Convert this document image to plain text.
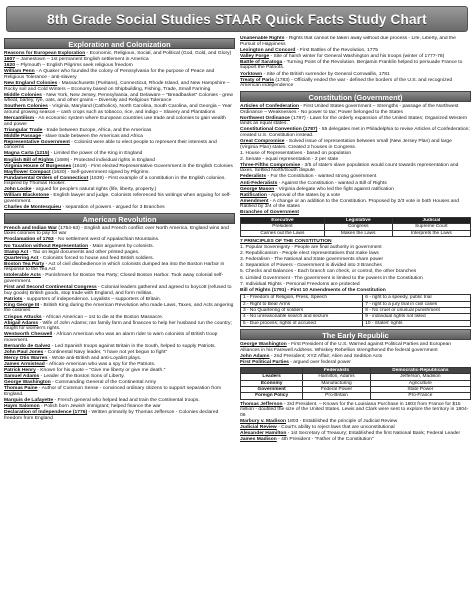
8th Grade Social Studies STAAR Quick Facts Study Chart
Exploration and Colonization
Reasons for European Exploration - Economic, Religious, Social, and Political (God, Gold, and Glory)
1607 – Jamestown – 1st permanent English settlement in America
1620 – Plymouth – English Pilgrims seek religious freedom
William Penn - A Quaker who founded the colony of Pennsylvania for the purpose of Peace and Religious Tolerance - anti-slavery
New England Colonies - Massachusetts (Puritans), Connecticut, Rhode Island, and New Hampshire – Rocky soil and Cold Winters – Economy based on Shipbuilding, Fishing, Trade, Small Farming
Middle Colonies - New York, New Jersey, Pennsylvania, and Delaware – "Breadbasket" Colonies - grew wheat, barley, rye, oats, and other grains – Diversity and Religious Tolerance
Southern Colonies - Virginia, Maryland (Catholics), North Carolina, South Carolina, and Georgia – Year around growing season – cash crops such as tobacco, rice, and indigo – Slavery and Plantations
Mercantilism - An economic system where European countries use trade and colonies to gain wealth and power
Triangular Trade - trade between Europe, Africa, and the Americas
Middle Passage - slave trade between the Americas and Africa
Representative Government - Colonist were able to elect people to represent their interests and concerns
Magna Carta (1215) - Limited the power of the King in England
English Bill of Rights (1689) - Protected individual rights in England
Virginia House of Burgesses (1619) - First elected Representative Government in the English Colonies
Mayflower Compact (1620) - Self-government signed by Pilgrims.
Fundamental Orders of Connecticut (1639) - First example of a constitution in the English colonies. Inspired by Thomas Hooker.
John Locke - argued for people's natural rights (life, liberty, property.)
William Blackstone - English lawyer and judge. Colonists referenced his writings when arguing for self-government.
Charles de Montesquieu - separation of powers - argued for 3 Branches
American Revolution
French and Indian War (1754-63) - English and French conflict over North America. England wins and taxes colonies to pay for war
Proclamation of 1763 - No settlement west of Appalachian Mountains.
No Taxation without Representation - Main argument by colonists.
Stamp Act - Tax on legal documents and other printed pages.
Quartering Act - Colonists forced to house and feed British soldiers.
Boston Tea Party - Act of civil disobedience in which colonists dumped tea into the Boston Harbor in response to the Tea Act
Intolerable Acts - Punishment for Boston Tea Party; Closed Boston Harbor. Took away colonial self-government.
First and Second Continental Congress - Colonial leaders gathered and agreed to boycott (refused to buy goods) British goods, stop trade with England, and form militias.
Patriots - supporters of independence. Loyalists – supporters of Britain.
King George III - British King during the American Revolution who made Laws, Taxes, and Acts angering the colonies
Crispus Attucks - African American – 1st to die at the Boston Massacre.
Abigail Adams - Wife of John Adams; ran family farm and finances to help her husband run the country; fought for women's rights.
Wentworth Cheswell - African American who was an alarm rider to warn colonists of British troop movement.
Bernardo de Galvez - Led Spanish troops against Britain in the South, helped to supply Patriots.
John Paul Jones - Continental Navy leader, "I have not yet begun to fight"
Mercy Otis Warren - Wrote anti-British and anti-Loyalist plays.
James Armistead - African-American who was a spy for the Patriots.
Patrick Henry - Known for his quote – "Give me liberty or give me death."
Samuel Adams - Leader of the Boston Sons of Liberty.
George Washington - Commanding General of the Continental Army
Thomas Paine - Author of Common Sense - convinced ordinary citizens to support separation from England.
Marquis de Lafayette - French general who helped lead and train the Continental troops.
Haym Salomon - Polish born Jewish immigrant; helped finance the war
Declaration of Independence (1776) - Written primarily by Thomas Jefferson - Colonies declared freedom from England
Unalienable Rights - Rights that cannot be taken away without due process - Life, Liberty, and the Pursuit of Happiness
Lexington and Concord - First Battles of the Revolution, 1775
Valley Forge - Site of harsh winter for General Washington and his troops (winter of 1777-78)
Battle of Saratoga - Turning Point of the Revolution. Benjamin Franklin helped to persuade France to support the Patriots.
Yorktown - Site of the British surrender by General Cornwallis, 1781
Treaty of Paris (1783) - Officially ended the war - defined the borders of the U.S. and recognized American independence
Constitution (Government)
Articles of Confederation - First United States government – Strengths - passage of the Northwest Ordinance – Weaknesses - No power to tax; Power belonged to the States
Northwest Ordinance (1787) - Laws for the orderly expansion of the United States; Organized Western lands as equal states.
Constitutional Convention (1787) - 55 delegates met in Philadelphia to revise Articles of Confederation; created U.S. Constitution instead.
Great Compromise - Solved issue of representation between small (New Jersey Plan) and large (Virginia Plan) states. Created 2 houses in Congress.
1. House of Representatives - based on population
2. Senate - equal representation - 2 per state
Three-Fifths Compromise - 3/5 of state's slave population would count towards representation and taxes. Settled North/South dispute
Federalists - For the Constitution - wanted strong government
Anti-Federalists - Against the Constitution - wanted a Bill of Rights
George Mason - Virginia delegate who led the fight against ratification
Ratification - Approval of the states by a vote
Amendment - A change or an addition to the Constitution. Proposed by 2/3 vote in both Houses and Ratified by 3/4 of the states
Branches of Government
Executive	Legislative	Judicial
President	Congress	Supreme Court
Carries out the Laws	Makes the Laws	Interprets the Laws
7 PRINCIPLES OF THE CONSTITUTION
1. Popular Sovereignty - People are final authority in government
2. Republicanism - People elect representatives that make laws
3. Federalism - The National and State governments share power
4. Separation of Powers - Government is divided into 3 Branches
5. Checks and Balances - Each branch can check, or control, the other branches
6. Limited Government - The government is limited to the powers in the Constitution
7. Individual Rights - Personal Freedoms are protected
Bill of Rights (1791) - First 10 Amendments of the Constitution
1 - Freedom of Religion, Press, Speech	6 - right to a speedy, public trial
2 - Right to Bear Arms	7 - right to a jury trial in civil cases
3 - No Quartering of soldiers	8 - No cruel or unusual punishment
4 - No unreasonable search and seizure	9 - individual rights not listed
5 - Due process; rights of accused	10 - States' rights
The Early Republic
George Washington - First President of the U.S. Warned against Political Parties and European Alliances in his Farewell Address. Whiskey Rebellion strengthened the federal government
John Adams - 2nd President; XYZ Affair; Alien and Sedition Acts
First Political Parties - argued over federal power
	Federalists	Democratic-Republicans
Leaders	Hamilton, Adams	Jefferson, Madison
Economy	Manufacturing	Agriculture
Government	Federal Power	State Power
Foreign Policy	Pro-Britain	Pro-France
Thomas Jefferson - 3rd President. – Known for the Louisiana Purchase in 1803 from France for $15 million - doubled the size of the United States. Lewis and Clark were sent to explore the territory in 1804-06
Marbury v. Madison 1803 - Established the principle of Judicial Review
Judicial Review - Court's ability to reject laws that are unconstitutional
Alexander Hamilton - 1st Secretary of Treasury; Established the first National Bank; Federal Leader
James Madison - 4th President - "Father of the Constitution"
